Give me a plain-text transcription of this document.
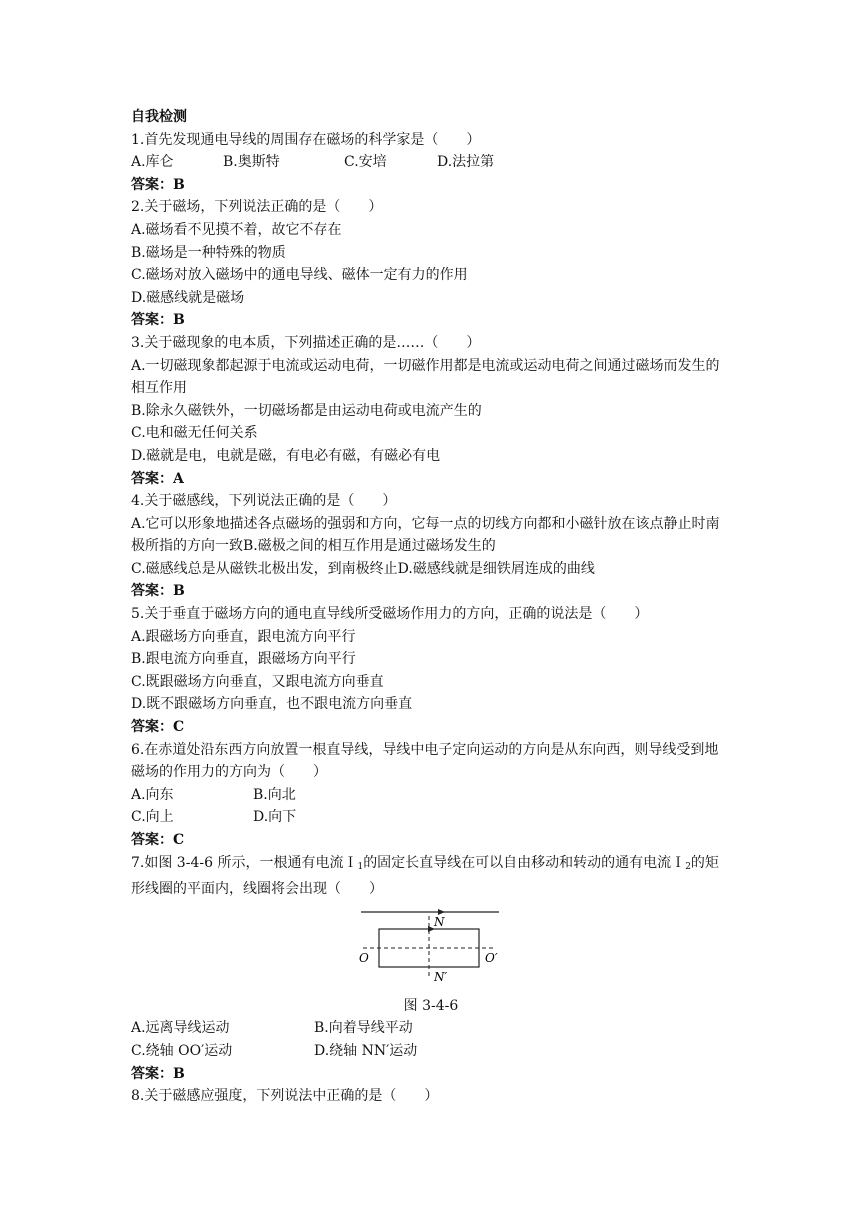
自我检测
1.首先发现通电导线的周围存在磁场的科学家是（　　）
A.库仑	B.奥斯特	C.安培	D.法拉第
答案：B
2.关于磁场，下列说法正确的是（　　）
A.磁场看不见摸不着，故它不存在
B.磁场是一种特殊的物质
C.磁场对放入磁场中的通电导线、磁体一定有力的作用
D.磁感线就是磁场
答案：B
3.关于磁现象的电本质，下列描述正确的是……（　　）
A.一切磁现象都起源于电流或运动电荷，一切磁作用都是电流或运动电荷之间通过磁场而发生的相互作用
B.除永久磁铁外，一切磁场都是由运动电荷或电流产生的
C.电和磁无任何关系
D.磁就是电，电就是磁，有电必有磁，有磁必有电
答案：A
4.关于磁感线，下列说法正确的是（　　）
A.它可以形象地描述各点磁场的强弱和方向，它每一点的切线方向都和小磁针放在该点静止时南极所指的方向一致B.磁极之间的相互作用是通过磁场发生的
C.磁感线总是从磁铁北极出发，到南极终止D.磁感线就是细铁屑连成的曲线
答案：B
5.关于垂直于磁场方向的通电直导线所受磁场作用力的方向，正确的说法是（　　）
A.跟磁场方向垂直，跟电流方向平行
B.跟电流方向垂直，跟磁场方向平行
C.既跟磁场方向垂直，又跟电流方向垂直
D.既不跟磁场方向垂直，也不跟电流方向垂直
答案：C
6.在赤道处沿东西方向放置一根直导线，导线中电子定向运动的方向是从东向西，则导线受到地磁场的作用力的方向为（　　）
A.向东	B.向北
C.向上	D.向下
答案：C
7.如图 3-4-6 所示，一根通有电流Ｉ$_1$的固定长直导线在可以自由移动和转动的通有电流Ｉ$_2$的矩形线圈的平面内，线圈将会出现（　　）
N
N′
O	O′
图 3-4-6
A.远离导线运动	B.向着导线平动
C.绕轴 OO′运动	D.绕轴 NN′运动
答案：B
8.关于磁感应强度，下列说法中正确的是（　　）
